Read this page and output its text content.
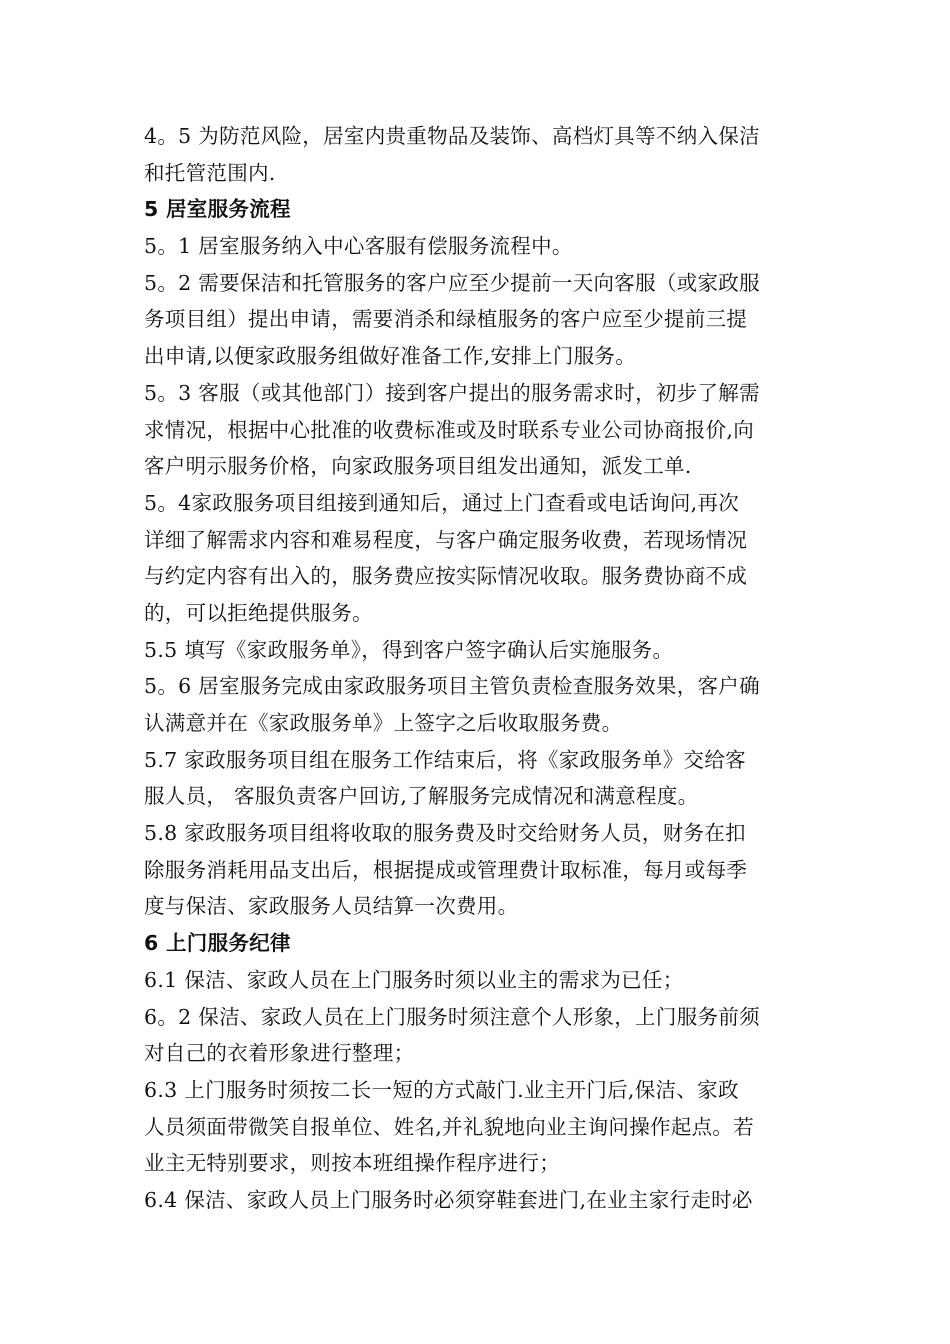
4。5 为防范风险，居室内贵重物品及装饰、高档灯具等不纳入保洁
和托管范围内.
5 居室服务流程
5。1 居室服务纳入中心客服有偿服务流程中。
5。2 需要保洁和托管服务的客户应至少提前一天向客服（或家政服
务项目组）提出申请，需要消杀和绿植服务的客户应至少提前三提
出申请,以便家政服务组做好准备工作,安排上门服务。
5。3 客服（或其他部门）接到客户提出的服务需求时，初步了解需
求情况，根据中心批准的收费标准或及时联系专业公司协商报价,向
客户明示服务价格，向家政服务项目组发出通知，派发工单.
5。4家政服务项目组接到通知后，通过上门查看或电话询问,再次
详细了解需求内容和难易程度，与客户确定服务收费，若现场情况
与约定内容有出入的，服务费应按实际情况收取。服务费协商不成
的，可以拒绝提供服务。
5.5 填写《家政服务单》，得到客户签字确认后实施服务。
5。6 居室服务完成由家政服务项目主管负责检查服务效果，客户确
认满意并在《家政服务单》上签字之后收取服务费。
5.7 家政服务项目组在服务工作结束后，将《家政服务单》交给客
服人员， 客服负责客户回访,了解服务完成情况和满意程度。
5.8 家政服务项目组将收取的服务费及时交给财务人员，财务在扣
除服务消耗用品支出后，根据提成或管理费计取标准，每月或每季
度与保洁、家政服务人员结算一次费用。
6 上门服务纪律
6.1 保洁、家政人员在上门服务时须以业主的需求为已任；
6。2 保洁、家政人员在上门服务时须注意个人形象，上门服务前须
对自己的衣着形象进行整理；
6.3 上门服务时须按二长一短的方式敲门.业主开门后,保洁、家政
人员须面带微笑自报单位、姓名,并礼貌地向业主询问操作起点。若
业主无特别要求，则按本班组操作程序进行；
6.4 保洁、家政人员上门服务时必须穿鞋套进门,在业主家行走时必
